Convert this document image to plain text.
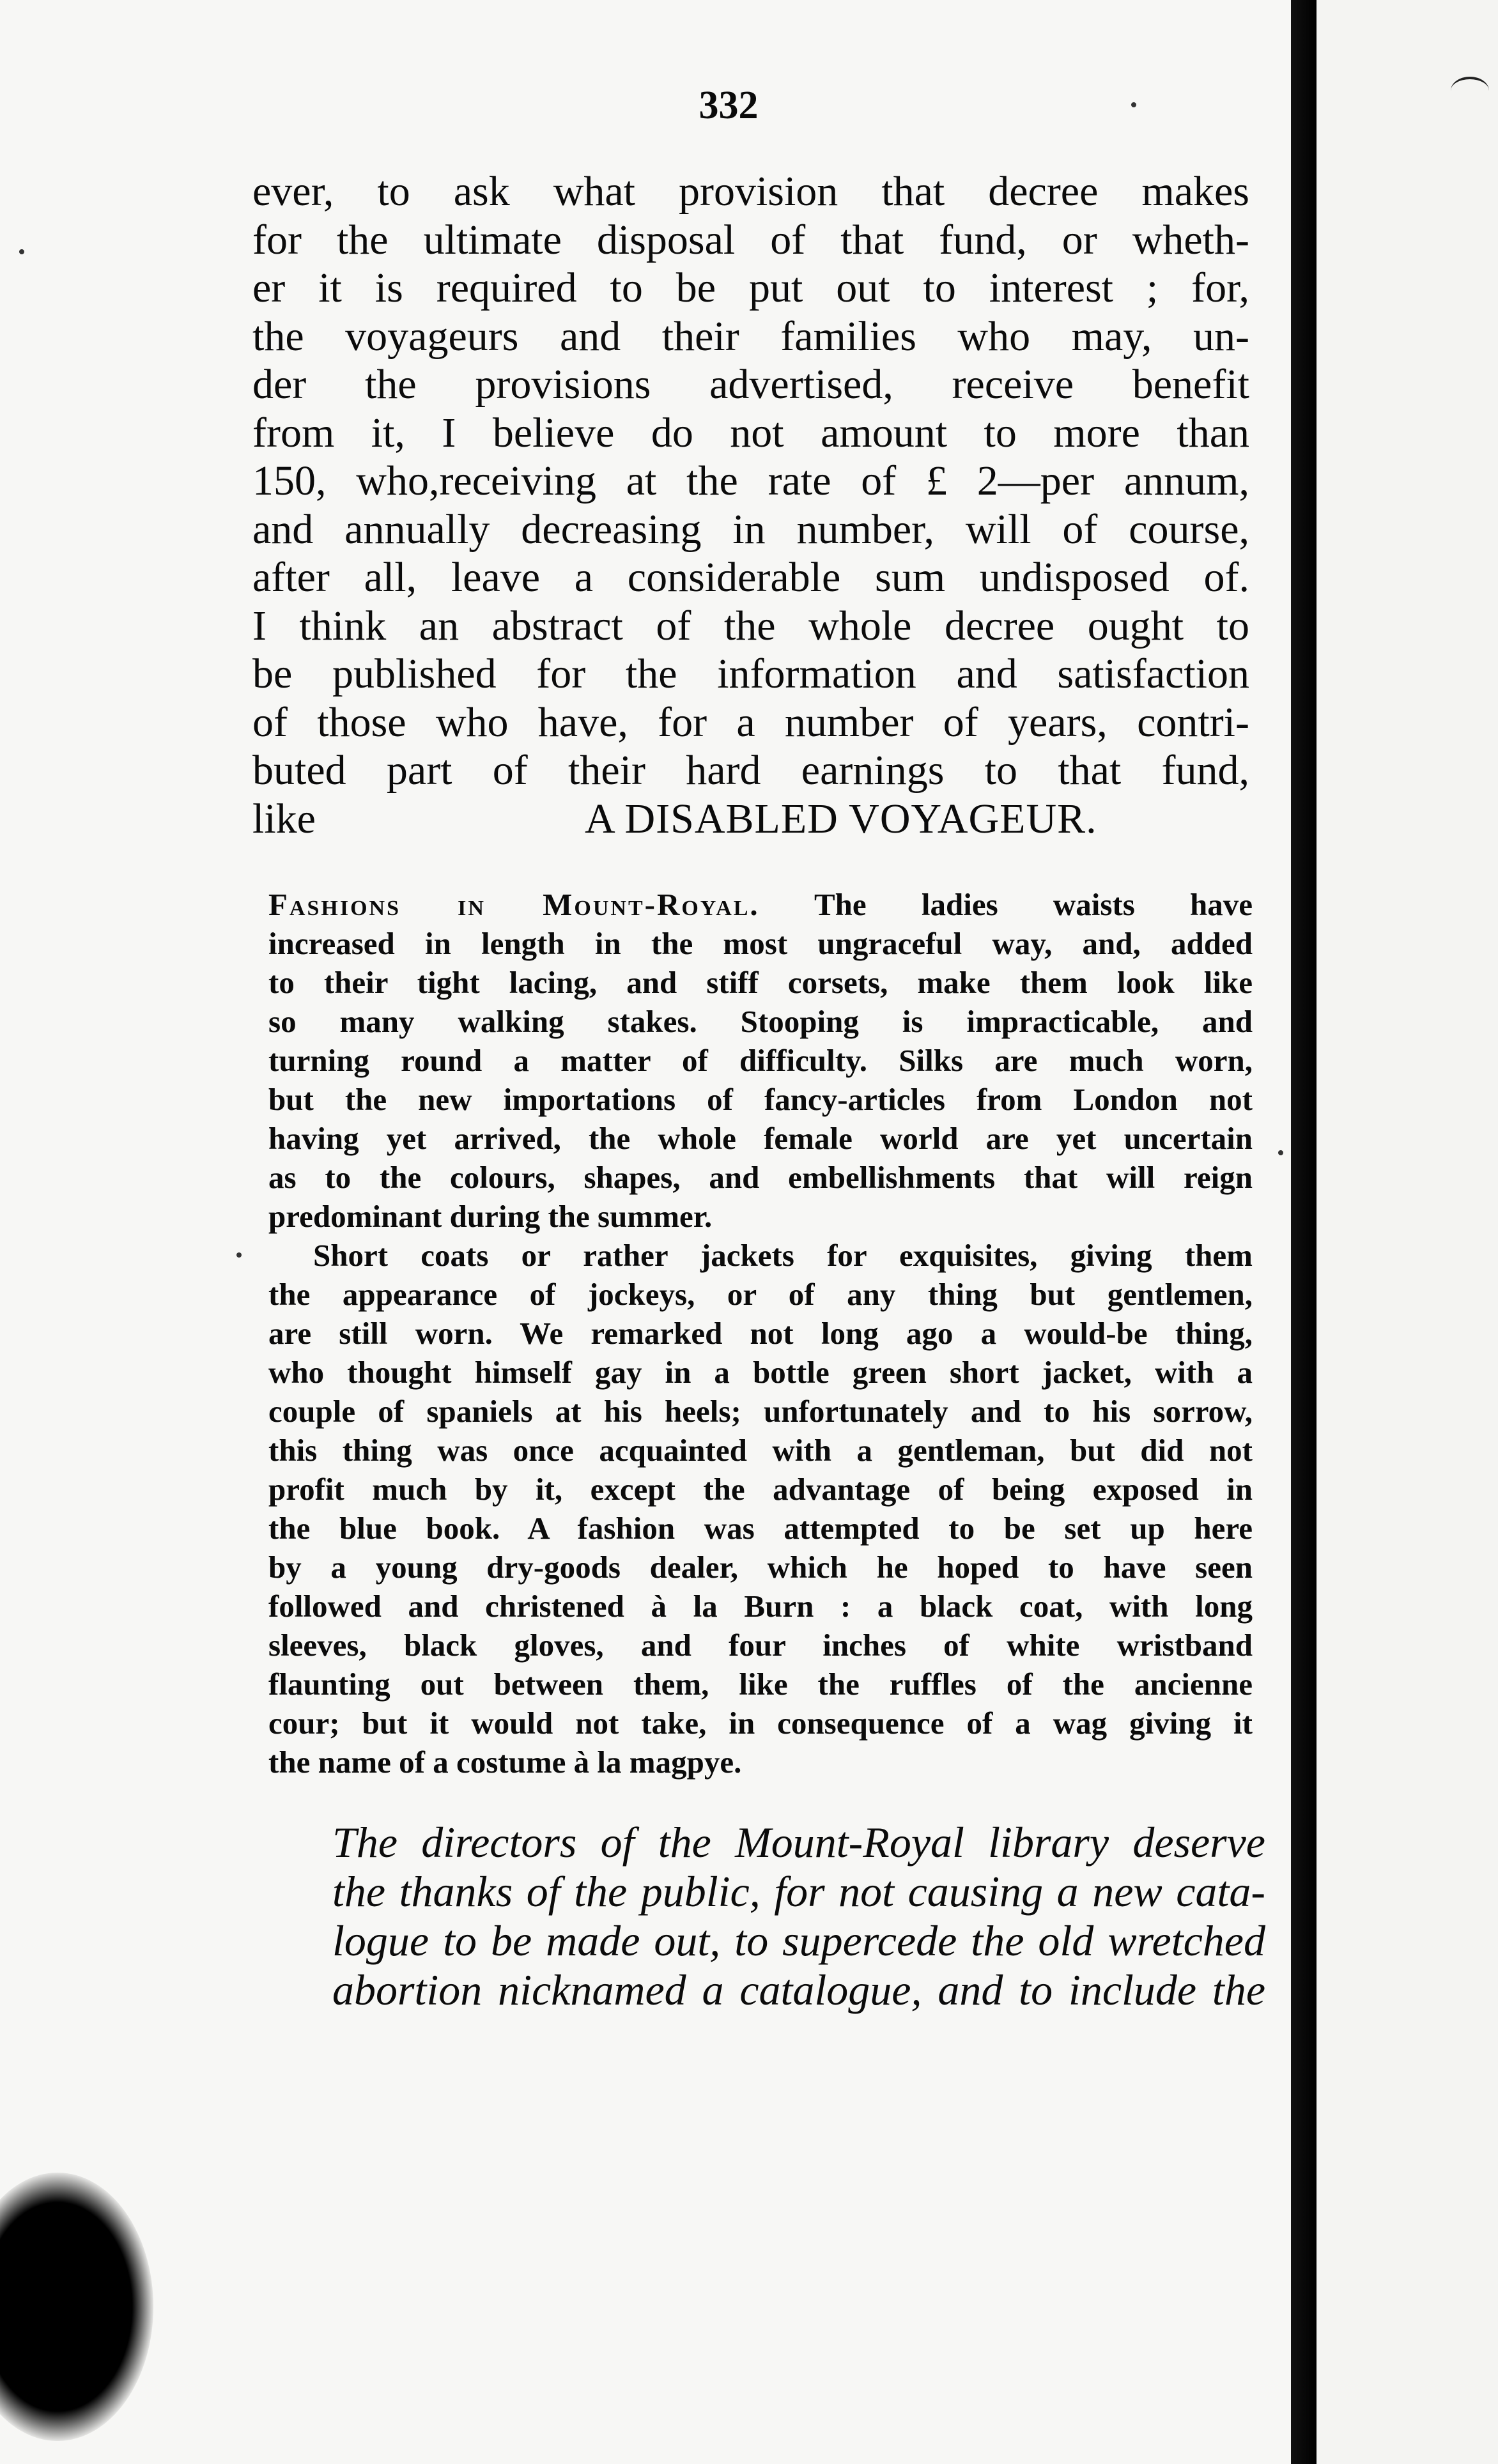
332
ever, to ask what provision that decree makes
for the ultimate disposal of that fund, or wheth-
er it is required to be put out to interest ; for,
the voyageurs and their families who may, un-
der the provisions advertised, receive benefit
from it, I believe do not amount to more than
150, who,receiving at the rate of £ 2—per annum,
and annually decreasing in number, will of course,
after all, leave a considerable sum undisposed of.
I think an abstract of the whole decree ought to
be published for the information and satisfaction
of those who have, for a number of years, contri-
buted part of their hard earnings to that fund,
like	A DISABLED VOYAGEUR.
Fashions in Mount-Royal. The ladies waists have
increased in length in the most ungraceful way, and, added
to their tight lacing, and stiff corsets, make them look like
so many walking stakes. Stooping is impracticable, and
turning round a matter of difficulty. Silks are much worn,
but the new importations of fancy-articles from London not
having yet arrived, the whole female world are yet uncertain
as to the colours, shapes, and embellishments that will reign
predominant during the summer.
Short coats or rather jackets for exquisites, giving them
the appearance of jockeys, or of any thing but gentlemen,
are still worn. We remarked not long ago a would-be thing,
who thought himself gay in a bottle green short jacket, with a
couple of spaniels at his heels; unfortunately and to his sorrow,
this thing was once acquainted with a gentleman, but did not
profit much by it, except the advantage of being exposed in
the blue book. A fashion was attempted to be set up here
by a young dry-goods dealer, which he hoped to have seen
followed and christened à la Burn : a black coat, with long
sleeves, black gloves, and four inches of white wristband
flaunting out between them, like the ruffles of the ancienne
cour; but it would not take, in consequence of a wag giving it
the name of a costume à la magpye.
The directors of the Mount-Royal library deserve
the thanks of the public, for not causing a new cata-
logue to be made out, to supercede the old wretched
abortion nicknamed a catalogue, and to include the
